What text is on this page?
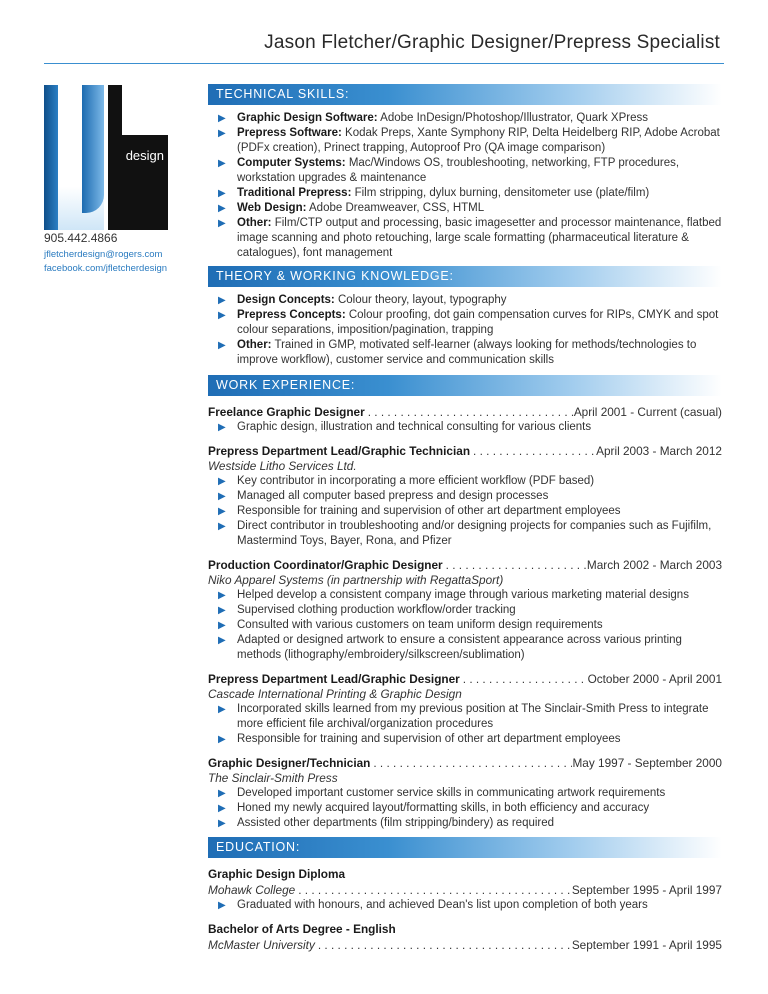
Jason Fletcher/Graphic Designer/Prepress Specialist
design
905.442.4866
jfletcherdesign@rogers.com
facebook.com/jfletcherdesign
TECHNICAL SKILLS:
▶ Graphic Design Software: Adobe InDesign/Photoshop/Illustrator, Quark XPress
▶ Prepress Software: Kodak Preps, Xante Symphony RIP, Delta Heidelberg RIP, Adobe Acrobat (PDFx creation), Prinect trapping, Autoproof Pro (QA image comparison)
▶ Computer Systems: Mac/Windows OS, troubleshooting, networking, FTP procedures, workstation upgrades & maintenance
▶ Traditional Prepress: Film stripping, dylux burning, densitometer use (plate/film)
▶ Web Design: Adobe Dreamweaver, CSS, HTML
▶ Other: Film/CTP output and processing, basic imagesetter and processor maintenance, flatbed image scanning and photo retouching, large scale formatting (pharmaceutical literature & catalogues), font management
THEORY & WORKING KNOWLEDGE:
▶ Design Concepts: Colour theory, layout, typography
▶ Prepress Concepts: Colour proofing, dot gain compensation curves for RIPs, CMYK and spot colour separations, imposition/pagination, trapping
▶ Other: Trained in GMP, motivated self-learner (always looking for methods/technologies to improve workflow), customer service and communication skills
WORK EXPERIENCE:
Freelance Graphic Designer . . .	April 2001 - Current (casual)
▶ Graphic design, illustration and technical consulting for various clients
Prepress Department Lead/Graphic Technician . . .	April 2003 - March 2012
Westside Litho Services Ltd.
▶ Key contributor in incorporating a more efficient workflow (PDF based)
▶ Managed all computer based prepress and design processes
▶ Responsible for training and supervision of other art department employees
▶ Direct contributor in troubleshooting and/or designing projects for companies such as Fujifilm, Mastermind Toys, Bayer, Rona, and Pfizer
Production Coordinator/Graphic Designer . . .	March 2002 - March 2003
Niko Apparel Systems (in partnership with RegattaSport)
▶ Helped develop a consistent company image through various marketing material designs
▶ Supervised clothing production workflow/order tracking
▶ Consulted with various customers on team uniform design requirements
▶ Adapted or designed artwork to ensure a consistent appearance across various printing methods (lithography/embroidery/silkscreen/sublimation)
Prepress Department Lead/Graphic Designer . . .	October 2000 - April 2001
Cascade International Printing & Graphic Design
▶ Incorporated skills learned from my previous position at The Sinclair-Smith Press to integrate more efficient file archival/organization procedures
▶ Responsible for training and supervision of other art department employees
Graphic Designer/Technician . . .	May 1997 - September 2000
The Sinclair-Smith Press
▶ Developed important customer service skills in communicating artwork requirements
▶ Honed my newly acquired layout/formatting skills, in both efficiency and accuracy
▶ Assisted other departments (film stripping/bindery) as required
EDUCATION:
Graphic Design Diploma
Mohawk College . . .	September 1995 - April 1997
▶ Graduated with honours, and achieved Dean's list upon completion of both years
Bachelor of Arts Degree - English
McMaster University . . .	September 1991 - April 1995
